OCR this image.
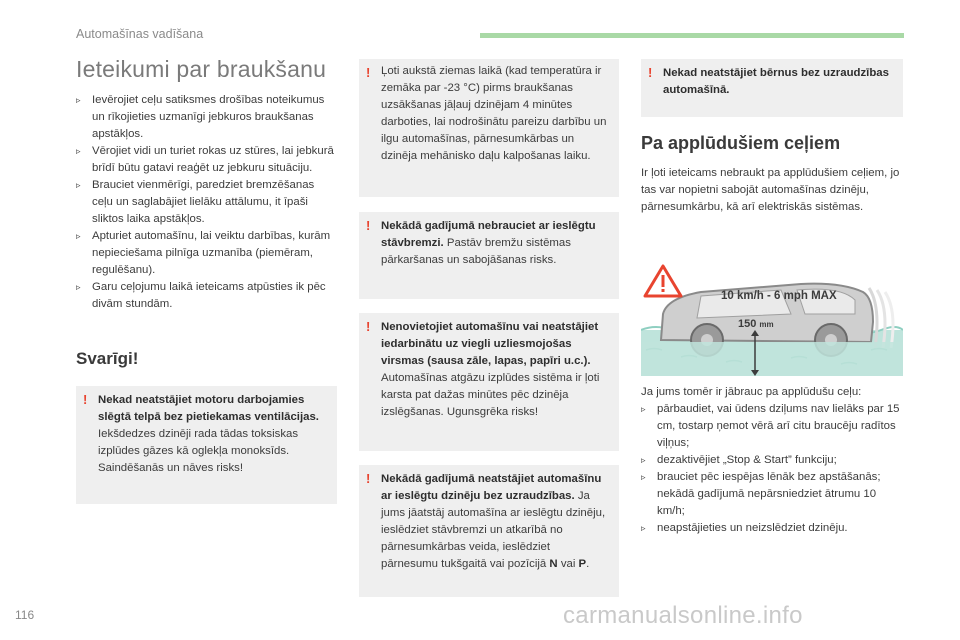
Automašīnas vadīšana
Ieteikumi par braukšanu
▹ Ievērojiet ceļu satiksmes drošības noteikumus un rīkojieties uzmanīgi jebkuros braukšanas apstākļos.
▹ Vērojiet vidi un turiet rokas uz stūres, lai jebkurā brīdī būtu gatavi reaģēt uz jebkuru situāciju.
▹ Brauciet vienmērīgi, paredziet bremzēšanas ceļu un saglabājiet lielāku attālumu, it īpaši sliktos laika apstākļos.
▹ Apturiet automašīnu, lai veiktu darbības, kurām nepieciešama pilnīga uzmanība (piemēram, regulēšanu).
▹ Garu ceļojumu laikā ieteicams atpūsties ik pēc divām stundām.
Svarīgi!
! Nekad neatstājiet motoru darbojamies slēgtā telpā bez pietiekamas ventilācijas. Iekšdedzes dzinēji rada tādas toksiskas izplūdes gāzes kā oglekļa monoksīds. Saindēšanās un nāves risks!
! Ļoti aukstā ziemas laikā (kad temperatūra ir zemāka par -23 °C) pirms braukšanas uzsākšanas jāļauj dzinējam 4 minūtes darboties, lai nodrošinātu pareizu darbību un ilgu automašīnas, pārnesumkārbas un dzinēja mehānisko daļu kalpošanas laiku.
! Nekādā gadījumā nebrauciet ar ieslēgtu stāvbremzi. Pastāv bremžu sistēmas pārkaršanas un sabojāšanas risks.
! Nenovietojiet automašīnu vai neatstājiet iedarbinātu uz viegli uzliesmojošas virsmas (sausa zāle, lapas, papīri u.c.). Automašīnas atgāzu izplūdes sistēma ir ļoti karsta pat dažas minūtes pēc dzinēja izslēgšanas. Ugunsgrēka risks!
! Nekādā gadījumā neatstājiet automašīnu ar ieslēgtu dzinēju bez uzraudzības. Ja jums jāatstāj automašīna ar ieslēgtu dzinēju, ieslēdziet stāvbremzi un atkarībā no pārnesumkārbas veida, ieslēdziet pārnesumu tukšgaitā vai pozīcijā N vai P.
! Nekad neatstājiet bērnus bez uzraudzības automašīnā.
Pa applūdušiem ceļiem
Ir ļoti ieteicams nebraukt pa applūdušiem ceļiem, jo tas var nopietni sabojāt automašīnas dzinēju, pārnesumkārbu, kā arī elektriskās sistēmas.
10 km/h - 6 mph MAX
150 mm
Ja jums tomēr ir jābrauc pa applūdušu ceļu:
▹ pārbaudiet, vai ūdens dziļums nav lielāks par 15 cm, tostarp ņemot vērā arī citu braucēju radītos viļņus;
▹ dezaktivējiet „Stop & Start” funkciju;
▹ brauciet pēc iespējas lēnāk bez apstāšanās; nekādā gadījumā nepārsniedziet ātrumu 10 km/h;
▹ neapstājieties un neizslēdziet dzinēju.
116	carmanualsonline.info
